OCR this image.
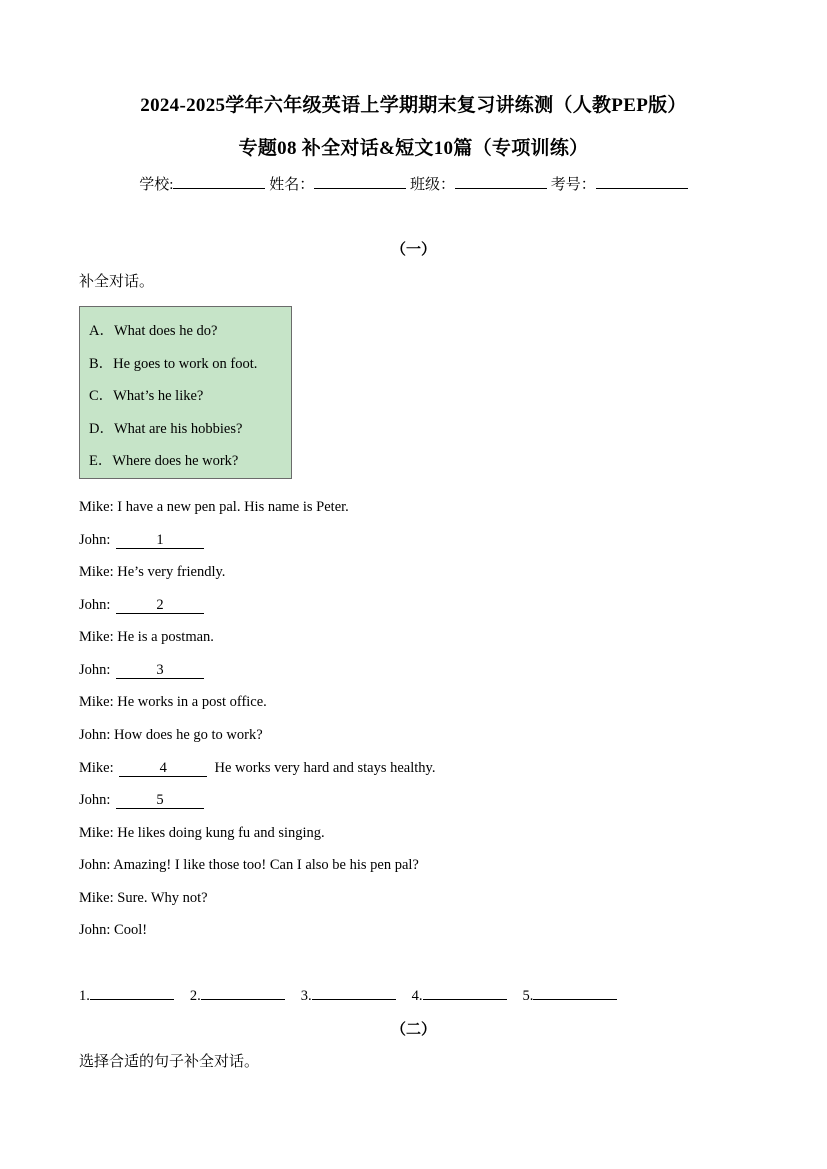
2024-2025学年六年级英语上学期期末复习讲练测（人教PEP版）
专题08 补全对话&短文10篇（专项训练）
学校:	姓名：	班级：	考号：
（一）
补全对话。
A．What does he do?
B．He goes to work on foot.
C．What’s he like?
D．What are his hobbies?
E．Where does he work?
Mike: I have a new pen pal. His name is Peter.
John:	1
Mike: He’s very friendly.
John:	2
Mike: He is a postman.
John:	3
Mike: He works in a post office.
John: How does he go to work?
Mike:	4	He works very hard and stays healthy.
John:	5
Mike: He likes doing kung fu and singing.
John: Amazing! I like those too! Can I also be his pen pal?
Mike: Sure. Why not?
John: Cool!
1.	2.	3.	4.	5.
（二）
选择合适的句子补全对话。
